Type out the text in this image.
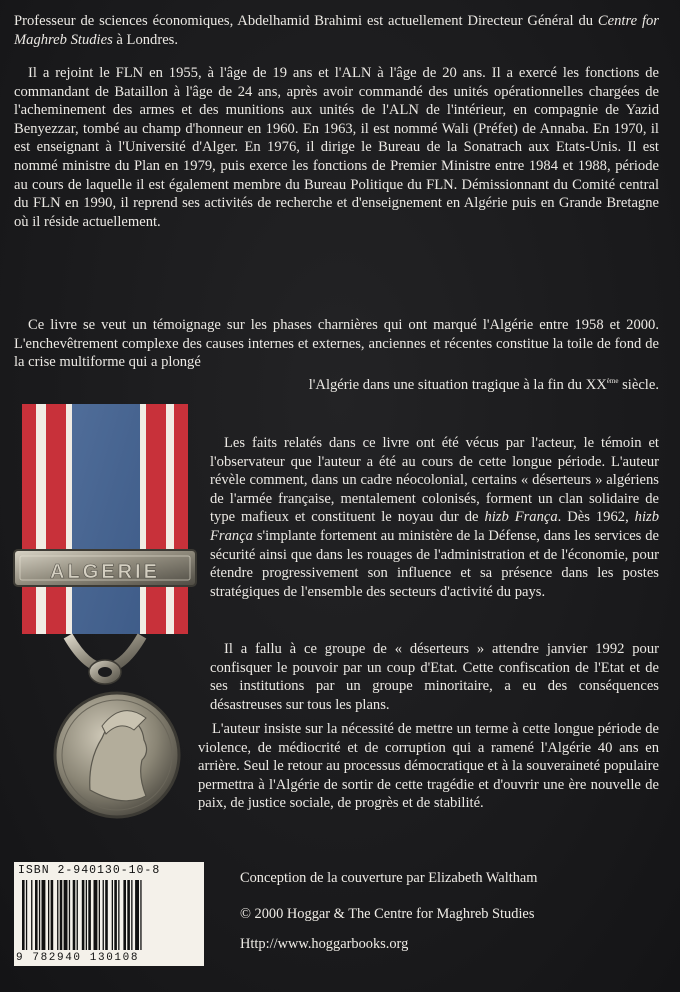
Professeur de sciences économiques, Abdelhamid Brahimi est actuellement Directeur Général du Centre for Maghreb Studies à Londres.

Il a rejoint le FLN en 1955, à l'âge de 19 ans et l'ALN à l'âge de 20 ans. Il a exercé les fonctions de commandant de Bataillon à l'âge de 24 ans, après avoir commandé des unités opérationnelles chargées de l'acheminement des armes et des munitions aux unités de l'ALN de l'intérieur, en compagnie de Yazid Benyezzar, tombé au champ d'honneur en 1960. En 1963, il est nommé Wali (Préfet) de Annaba. En 1970, il est enseignant à l'Université d'Alger. En 1976, il dirige le Bureau de la Sonatrach aux Etats-Unis. Il est nommé ministre du Plan en 1979, puis exerce les fonctions de Premier Ministre entre 1984 et 1988, période au cours de laquelle il est également membre du Bureau Politique du FLN. Démissionnant du Comité central du FLN en 1990, il reprend ses activités de recherche et d'enseignement en Algérie puis en Grande Bretagne où il réside actuellement.

Ce livre se veut un témoignage sur les phases charnières qui ont marqué l'Algérie entre 1958 et 2000. L'enchevêtrement complexe des causes internes et externes, anciennes et récentes constitue la toile de fond de la crise multiforme qui a plongé

l'Algérie dans une situation tragique à la fin du XXème siècle.

Les faits relatés dans ce livre ont été vécus par l'acteur, le témoin et l'observateur que l'auteur a été au cours de cette longue période. L'auteur révèle comment, dans un cadre néocolonial, certains « déserteurs » algériens de l'armée française, mentalement colonisés, forment un clan solidaire de type mafieux et constituent le noyau dur de hizb França. Dès 1962, hizb França s'implante fortement au ministère de la Défense, dans les services de sécurité ainsi que dans les rouages de l'administration et de l'économie, pour étendre progressivement son influence et sa présence dans les postes stratégiques de l'ensemble des secteurs d'activité du pays.

Il a fallu à ce groupe de « déserteurs » attendre janvier 1992 pour confisquer le pouvoir par un coup d'Etat. Cette confiscation de l'Etat et de ses institutions par un groupe minoritaire, a eu des conséquences désastreuses sur tous les plans.

L'auteur insiste sur la nécessité de mettre un terme à cette longue période de violence, de médiocrité et de corruption qui a ramené l'Algérie 40 ans en arrière. Seul le retour au processus démocratique et à la souveraineté populaire permettra à l'Algérie de sortir de cette tragédie et d'ouvrir une ère nouvelle de paix, de justice sociale, de progrès et de stabilité.

ALGERIE
ISBN 2-940130-10-8
9 782940 130108
Conception de la couverture par Elizabeth Waltham
© 2000 Hoggar & The Centre for Maghreb Studies
Http://www.hoggarbooks.org
